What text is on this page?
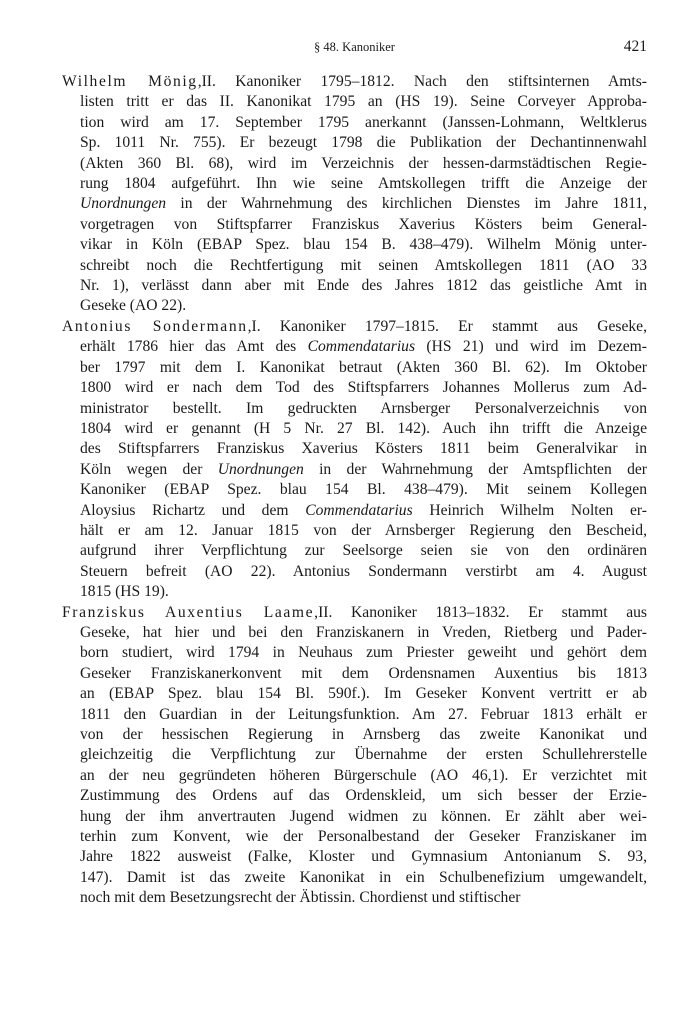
§ 48. Kanoniker	421
Wilhelm Mönig,II. Kanoniker 1795–1812. Nach den stiftsinternen Amts-
listen tritt er das II. Kanonikat 1795 an (HS 19). Seine Corveyer Approba-
tion wird am 17. September 1795 anerkannt (Janssen-Lohmann, Weltklerus
Sp. 1011 Nr. 755). Er bezeugt 1798 die Publikation der Dechantinnenwahl
(Akten 360 Bl. 68), wird im Verzeichnis der hessen-darmstädtischen Regie-
rung 1804 aufgeführt. Ihn wie seine Amtskollegen trifft die Anzeige der
Unordnungen in der Wahrnehmung des kirchlichen Dienstes im Jahre 1811,
vorgetragen von Stiftspfarrer Franziskus Xaverius Kösters beim General-
vikar in Köln (EBAP Spez. blau 154 B. 438–479). Wilhelm Mönig unter-
schreibt noch die Rechtfertigung mit seinen Amtskollegen 1811 (AO 33
Nr. 1), verlässt dann aber mit Ende des Jahres 1812 das geistliche Amt in
Geseke (AO 22).
Antonius Sondermann,I. Kanoniker 1797–1815. Er stammt aus Geseke,
erhält 1786 hier das Amt des Commendatarius (HS 21) und wird im Dezem-
ber 1797 mit dem I. Kanonikat betraut (Akten 360 Bl. 62). Im Oktober
1800 wird er nach dem Tod des Stiftspfarrers Johannes Mollerus zum Ad-
ministrator bestellt. Im gedruckten Arnsberger Personalverzeichnis von
1804 wird er genannt (H 5 Nr. 27 Bl. 142). Auch ihn trifft die Anzeige
des Stiftspfarrers Franziskus Xaverius Kösters 1811 beim Generalvikar in
Köln wegen der Unordnungen in der Wahrnehmung der Amtspflichten der
Kanoniker (EBAP Spez. blau 154 Bl. 438–479). Mit seinem Kollegen
Aloysius Richartz und dem Commendatarius Heinrich Wilhelm Nolten er-
hält er am 12. Januar 1815 von der Arnsberger Regierung den Bescheid,
aufgrund ihrer Verpflichtung zur Seelsorge seien sie von den ordinären
Steuern befreit (AO 22). Antonius Sondermann verstirbt am 4. August
1815 (HS 19).
Franziskus Auxentius Laame,II. Kanoniker 1813–1832. Er stammt aus
Geseke, hat hier und bei den Franziskanern in Vreden, Rietberg und Pader-
born studiert, wird 1794 in Neuhaus zum Priester geweiht und gehört dem
Geseker Franziskanerkonvent mit dem Ordensnamen Auxentius bis 1813
an (EBAP Spez. blau 154 Bl. 590f.). Im Geseker Konvent vertritt er ab
1811 den Guardian in der Leitungsfunktion. Am 27. Februar 1813 erhält er
von der hessischen Regierung in Arnsberg das zweite Kanonikat und
gleichzeitig die Verpflichtung zur Übernahme der ersten Schullehrerstelle
an der neu gegründeten höheren Bürgerschule (AO 46,1). Er verzichtet mit
Zustimmung des Ordens auf das Ordenskleid, um sich besser der Erzie-
hung der ihm anvertrauten Jugend widmen zu können. Er zählt aber wei-
terhin zum Konvent, wie der Personalbestand der Geseker Franziskaner im
Jahre 1822 ausweist (Falke, Kloster und Gymnasium Antonianum S. 93,
147). Damit ist das zweite Kanonikat in ein Schulbenefizium umgewandelt,
noch mit dem Besetzungsrecht der Äbtissin. Chordienst und stiftischer
